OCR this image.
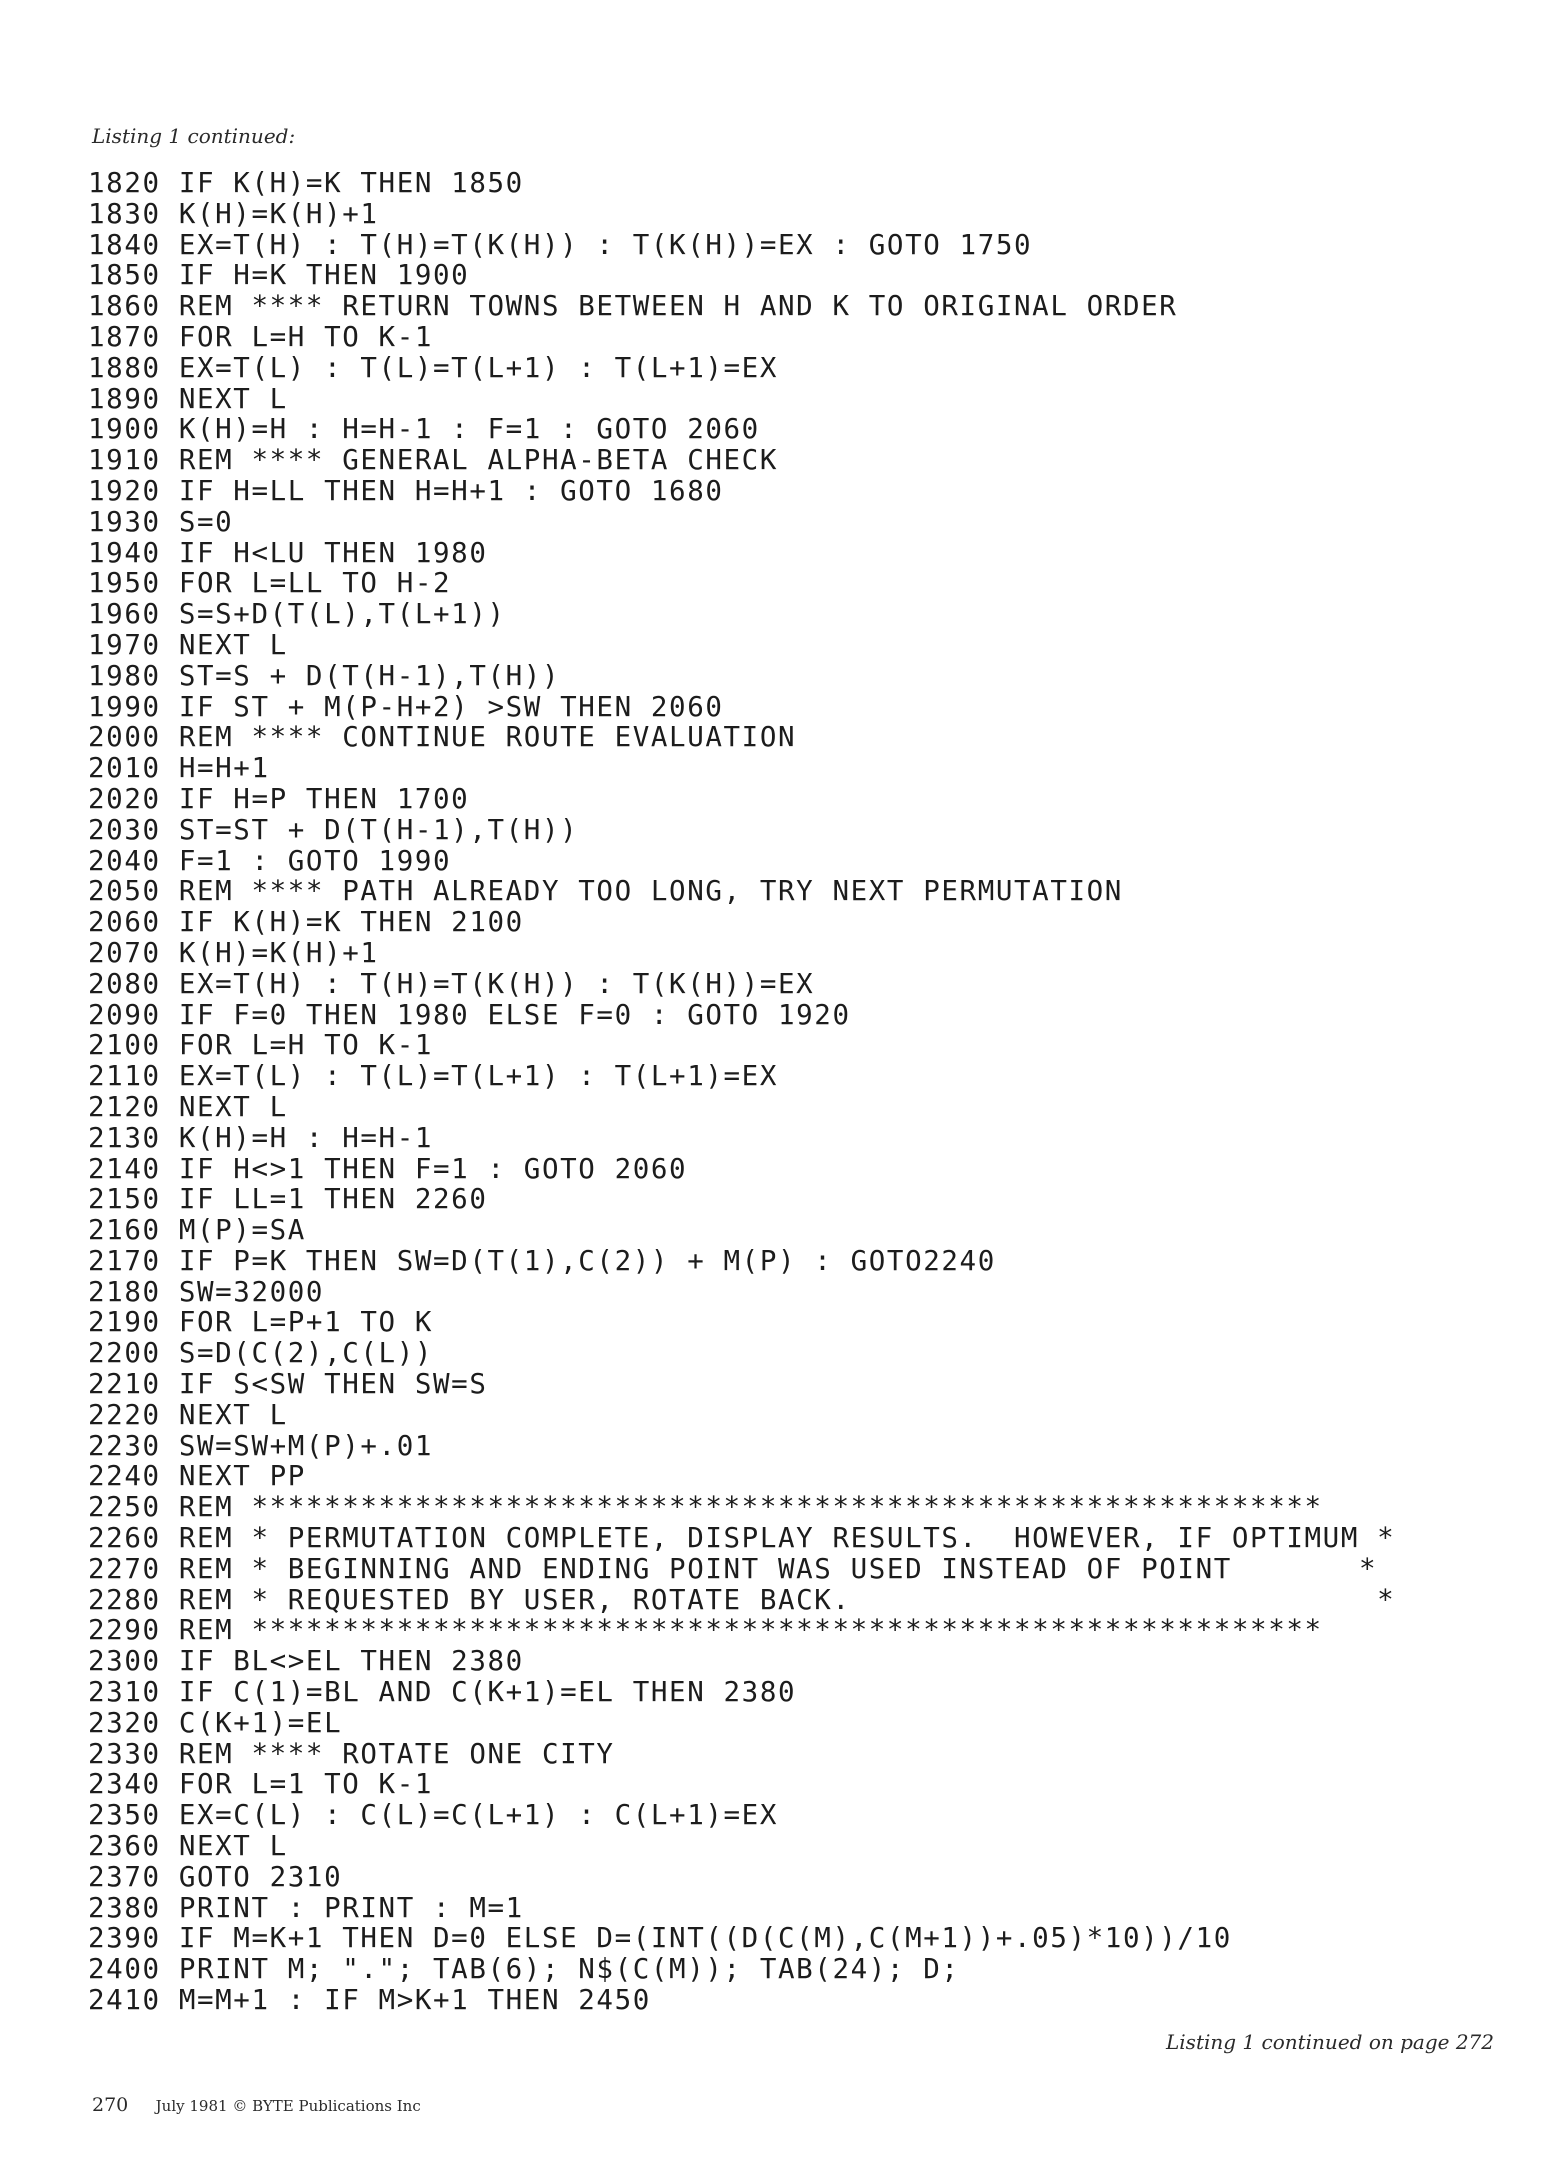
Listing 1 continued:
1820 IF K(H)=K THEN 1850
1830 K(H)=K(H)+1
1840 EX=T(H) : T(H)=T(K(H)) : T(K(H))=EX : GOTO 1750
1850 IF H=K THEN 1900
1860 REM **** RETURN TOWNS BETWEEN H AND K TO ORIGINAL ORDER
1870 FOR L=H TO K-1
1880 EX=T(L) : T(L)=T(L+1) : T(L+1)=EX
1890 NEXT L
1900 K(H)=H : H=H-1 : F=1 : GOTO 2060
1910 REM **** GENERAL ALPHA-BETA CHECK
1920 IF H=LL THEN H=H+1 : GOTO 1680
1930 S=0
1940 IF H<LU THEN 1980
1950 FOR L=LL TO H-2
1960 S=S+D(T(L),T(L+1))
1970 NEXT L
1980 ST=S + D(T(H-1),T(H))
1990 IF ST + M(P-H+2) >SW THEN 2060
2000 REM **** CONTINUE ROUTE EVALUATION
2010 H=H+1
2020 IF H=P THEN 1700
2030 ST=ST + D(T(H-1),T(H))
2040 F=1 : GOTO 1990
2050 REM **** PATH ALREADY TOO LONG, TRY NEXT PERMUTATION
2060 IF K(H)=K THEN 2100
2070 K(H)=K(H)+1
2080 EX=T(H) : T(H)=T(K(H)) : T(K(H))=EX
2090 IF F=0 THEN 1980 ELSE F=0 : GOTO 1920
2100 FOR L=H TO K-1
2110 EX=T(L) : T(L)=T(L+1) : T(L+1)=EX
2120 NEXT L
2130 K(H)=H : H=H-1
2140 IF H<>1 THEN F=1 : GOTO 2060
2150 IF LL=1 THEN 2260
2160 M(P)=SA
2170 IF P=K THEN SW=D(T(1),C(2)) + M(P) : GOTO2240
2180 SW=32000
2190 FOR L=P+1 TO K
2200 S=D(C(2),C(L))
2210 IF S<SW THEN SW=S
2220 NEXT L
2230 SW=SW+M(P)+.01
2240 NEXT PP
2250 REM ***********************************************************
2260 REM * PERMUTATION COMPLETE, DISPLAY RESULTS.  HOWEVER, IF OPTIMUM *
2270 REM * BEGINNING AND ENDING POINT WAS USED INSTEAD OF POINT       *
2280 REM * REQUESTED BY USER, ROTATE BACK.                             *
2290 REM ***********************************************************
2300 IF BL<>EL THEN 2380
2310 IF C(1)=BL AND C(K+1)=EL THEN 2380
2320 C(K+1)=EL
2330 REM **** ROTATE ONE CITY
2340 FOR L=1 TO K-1
2350 EX=C(L) : C(L)=C(L+1) : C(L+1)=EX
2360 NEXT L
2370 GOTO 2310
2380 PRINT : PRINT : M=1
2390 IF M=K+1 THEN D=0 ELSE D=(INT((D(C(M),C(M+1))+.05)*10))/10
2400 PRINT M; "."; TAB(6); N$(C(M)); TAB(24); D;
2410 M=M+1 : IF M>K+1 THEN 2450
Listing 1 continued on page 272
270 July 1981 © BYTE Publications Inc
